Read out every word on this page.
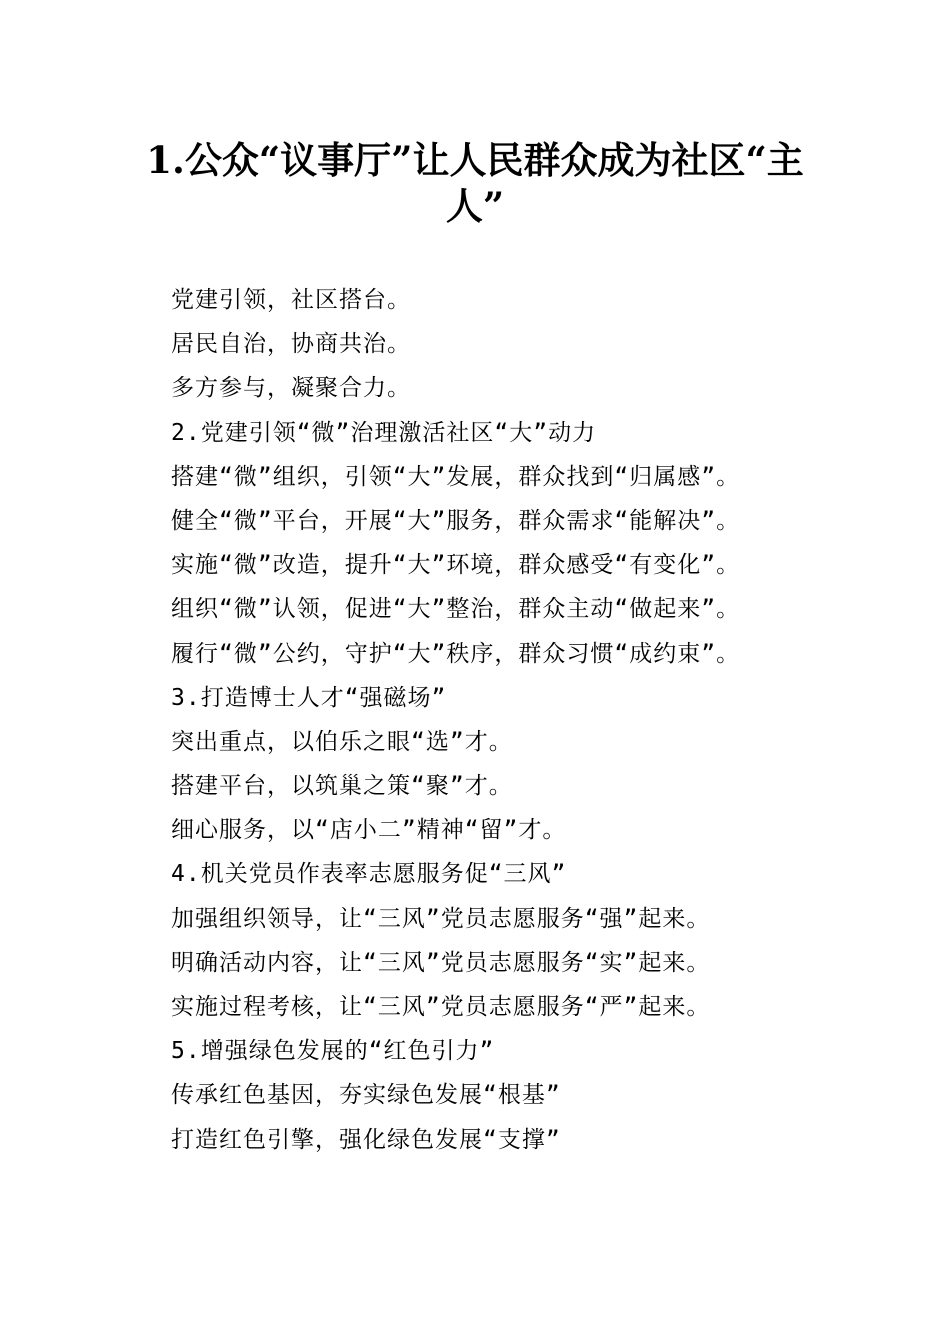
1.公众“议事厅”让人民群众成为社区“主
人”
党建引领，社区搭台。
居民自治，协商共治。
多方参与，凝聚合力。
2.党建引领“微”治理激活社区“大”动力
搭建“微”组织，引领“大”发展，群众找到“归属感”。
健全“微”平台，开展“大”服务，群众需求“能解决”。
实施“微”改造，提升“大”环境，群众感受“有变化”。
组织“微”认领，促进“大”整治，群众主动“做起来”。
履行“微”公约，守护“大”秩序，群众习惯“成约束”。
3.打造博士人才“强磁场”
突出重点，以伯乐之眼“选”才。
搭建平台，以筑巢之策“聚”才。
细心服务，以“店小二”精神“留”才。
4.机关党员作表率志愿服务促“三风”
加强组织领导，让“三风”党员志愿服务“强”起来。
明确活动内容，让“三风”党员志愿服务“实”起来。
实施过程考核，让“三风”党员志愿服务“严”起来。
5.增强绿色发展的“红色引力”
传承红色基因，夯实绿色发展“根基”
打造红色引擎，强化绿色发展“支撑”
